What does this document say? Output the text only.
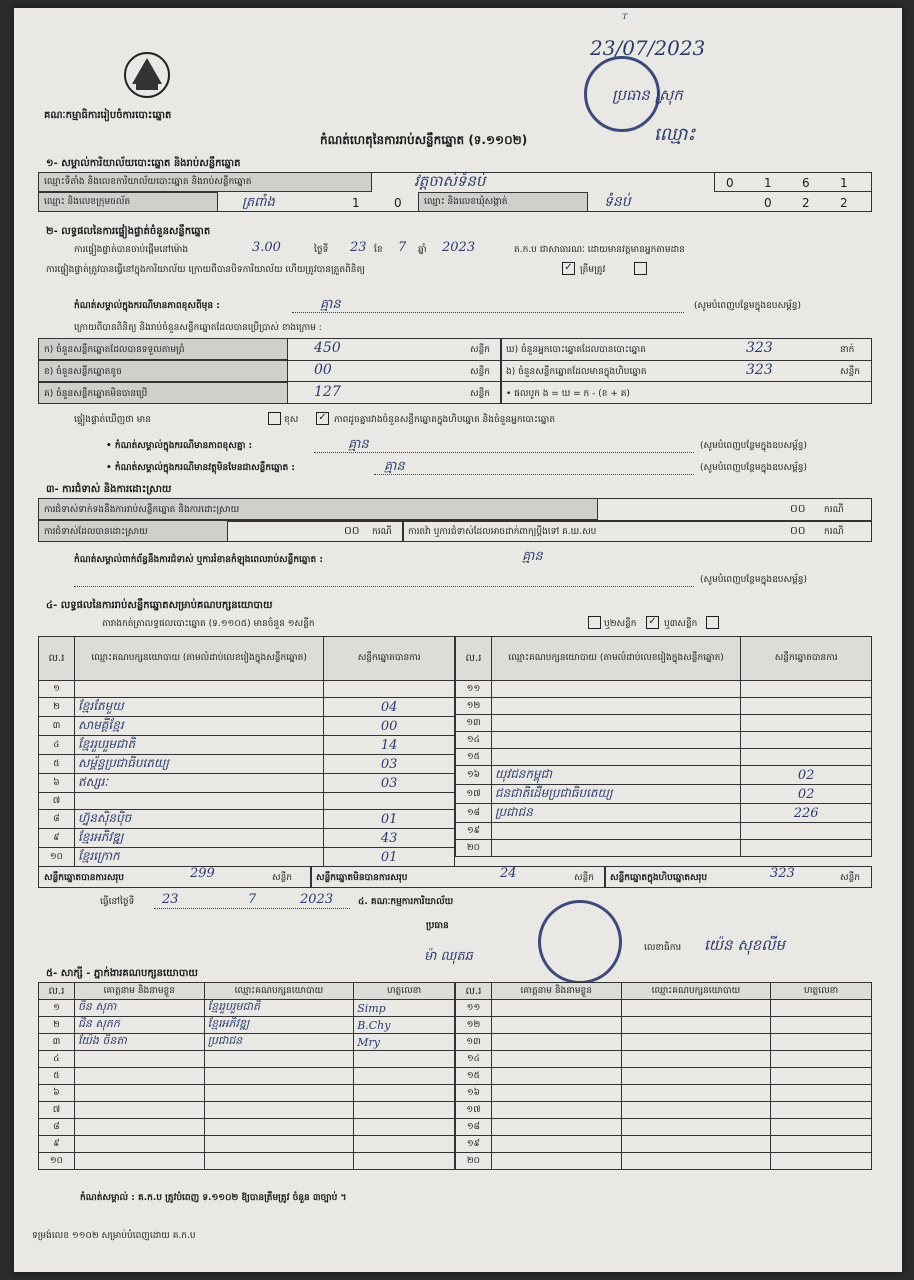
ᵀ
23/07/2023
ប្រធាន ស្រុក
ឈ្មោះ
គណៈកម្មាធិការរៀបចំការបោះឆ្នោត
កំណត់ហេតុនៃការរាប់សន្លឹកឆ្នោត (ទ.១១០២)
១- សម្គាល់ការិយាល័យបោះឆ្នោត និងរាប់សន្លឹកឆ្នោត
ឈ្មោះទីតាំង និងលេខការិយាល័យបោះឆ្នោត និងរាប់សន្លឹកឆ្នោត	វត្តចាស់ទំនប់	0	1	6	1
ឈ្មោះ និងលេខក្រុមចល័ត	ត្រពាំង	1	0 ឈ្មោះ និងលេខឃុំសង្កាត់	ទំនប់	0	2	2
២- លទ្ធផលនៃការផ្ទៀងផ្ទាត់ចំនួនសន្លឹកឆ្នោត
ការផ្ទៀងផ្ទាត់បានចាប់ផ្ដើមនៅម៉ោង	3.00	ថ្ងៃទី 23 ខែ 7 ឆ្នាំ 2023	ត.ក.ប ជាសាធារណៈ ដោយមានវត្តមានអ្នកតាមដាន
ការផ្ទៀងផ្ទាត់ត្រូវបានធ្វើនៅក្នុងការិយាល័យ ក្រោយពីបានបិទការិយាល័យ ហើយត្រូវបានត្រួតពិនិត្យ	✓ ត្រឹមត្រូវ
កំណត់សម្គាល់ក្នុងករណីមានភាពខុសពីមុន :	គ្មាន	(សូមបំពេញបន្ថែមក្នុងឧបសម្ព័ន្ធ)
ក្រោយពីបានពិនិត្យ និងរាប់ចំនួនសន្លឹកឆ្នោតដែលបានប្រើប្រាស់ ខាងក្រោម :
ក) ចំនួនសន្លឹកឆ្នោតដែលបានទទួលតាមព្រំ	450	សន្លឹក ឃ) ចំនួនអ្នកបោះឆ្នោតដែលបានបោះឆ្នោត	323	នាក់
ខ) ចំនួនសន្លឹកឆ្នោតខូច	00	សន្លឹក ង) ចំនួនសន្លឹកឆ្នោតដែលមានក្នុងហិបឆ្នោត	323	សន្លឹក
គ) ចំនួនសន្លឹកឆ្នោតមិនបានប្រើ	127	សន្លឹក • ផលបូក ង = ឃ = ក - (ខ + គ)
ផ្ទៀងផ្ទាត់ឃើញថា មាន	ខុស	✓ ភាពដូចគ្នារវាងចំនួនសន្លឹកឆ្នោតក្នុងហិបឆ្នោត និងចំនួនអ្នកបោះឆ្នោត
• កំណត់សម្គាល់ក្នុងករណីមានភាពខុសគ្នា :	គ្មាន	(សូមបំពេញបន្ថែមក្នុងឧបសម្ព័ន្ធ)
• កំណត់សម្គាល់ក្នុងករណីមានវត្ថុមិនមែនជាសន្លឹកឆ្នោត :	គ្មាន	(សូមបំពេញបន្ថែមក្នុងឧបសម្ព័ន្ធ)
៣- ការជំទាស់ និងការដោះស្រាយ
ការជំទាស់ទាក់ទងនឹងការរាប់សន្លឹកឆ្នោត និងការដោះស្រាយ	០០ ករណី
ការជំទាស់ដែលបានដោះស្រាយ	០០ ករណី ការតវ៉ា ឬការជំទាស់ដែលអាចដាក់ពាក្យប្ដឹងទៅ គ.ឃ.សប	០០ ករណី
កំណត់សម្គាល់ពាក់ព័ន្ធនឹងការជំទាស់ ឬការរំខានកំឡុងពេលរាប់សន្លឹកឆ្នោត :	គ្មាន
(សូមបំពេញបន្ថែមក្នុងឧបសម្ព័ន្ធ)
៤- លទ្ធផលនៃការរាប់សន្លឹកឆ្នោតសម្រាប់គណបក្សនយោបាយ
តារាងកត់ត្រាលទ្ធផលបោះឆ្នោត (ទ.១១០៥) មានចំនួន ១សន្លឹក	ឬ២សន្លឹក	✓ ឬ៣សន្លឹក
ល.រ	ឈ្មោះគណបក្សនយោបាយ (តាមលំដាប់លេខរៀងក្នុងសន្លឹកឆ្នោត)	សន្លឹកឆ្នោតបានការ
១		
២	ខ្មែរតែមួយ	04
៣	សាមគ្គីខ្មែរ	00
៤	ខ្មែររួបរួមជាតិ	14
៥	សម្ព័ន្ធប្រជាធិបតេយ្យ	03
៦	ឥស្សរៈ	03
៧		
៨	ហ្វ៊ុនស៊ិនប៉ិច	01
៩	ខ្មែរអភិវឌ្ឍ	43
១០	ខ្មែរក្រោក	01
ល.រ	ឈ្មោះគណបក្សនយោបាយ (តាមលំដាប់លេខរៀងក្នុងសន្លឹកឆ្នោត)	សន្លឹកឆ្នោតបានការ
១១		
១២		
១៣		
១៤		
១៥		
១៦	យុវជនកម្ពុជា	02
១៧	ជនជាតិដើមប្រជាធិបតេយ្យ	02
១៨	ប្រជាជន	226
១៩		
២០		
សន្លឹកឆ្នោតបានការសរុប	299	សន្លឹក	សន្លឹកឆ្នោតមិនបានការសរុប	24	សន្លឹក សន្លឹកឆ្នោតក្នុងហិបឆ្នោតសរុប	323	សន្លឹក
ធ្វើនៅថ្ងៃទី 23	7	2023	៤. គណៈកម្មការការិយាល័យ
ប្រធាន
ម៉ា ឈុតឆ
លេខាធិការ យ៉េន សុខលីម
៥- សាក្សី - ភ្នាក់ងារគណបក្សនយោបាយ
ល.រ	គោត្តនាម និងនាមខ្លួន	ឈ្មោះគណបក្សនយោបាយ	ហត្ថលេខា
១	ចិន សុភា	ខ្មែររួបរួមជាតិ	Simp
២	ជិន សុភក	ខ្មែរអភិវឌ្ឍ	B.Chy
៣	យ៉ែង ចិនតា	ប្រជាជន	Mry
៤			
៥			
៦			
៧			
៨			
៩			
១០			
ល.រ	គោត្តនាម និងនាមខ្លួន	ឈ្មោះគណបក្សនយោបាយ	ហត្ថលេខា
១១			
១២			
១៣			
១៤			
១៥			
១៦			
១៧			
១៨			
១៩			
២០			
កំណត់សម្គាល់ : គ.ក.ប ត្រូវបំពេញ ទ.១១០២ ឱ្យបានត្រឹមត្រូវ ចំនួន ៣ច្បាប់ ។
ទម្រង់លេខ ១១០២ សម្រាប់បំពេញដោយ គ.ក.ប
